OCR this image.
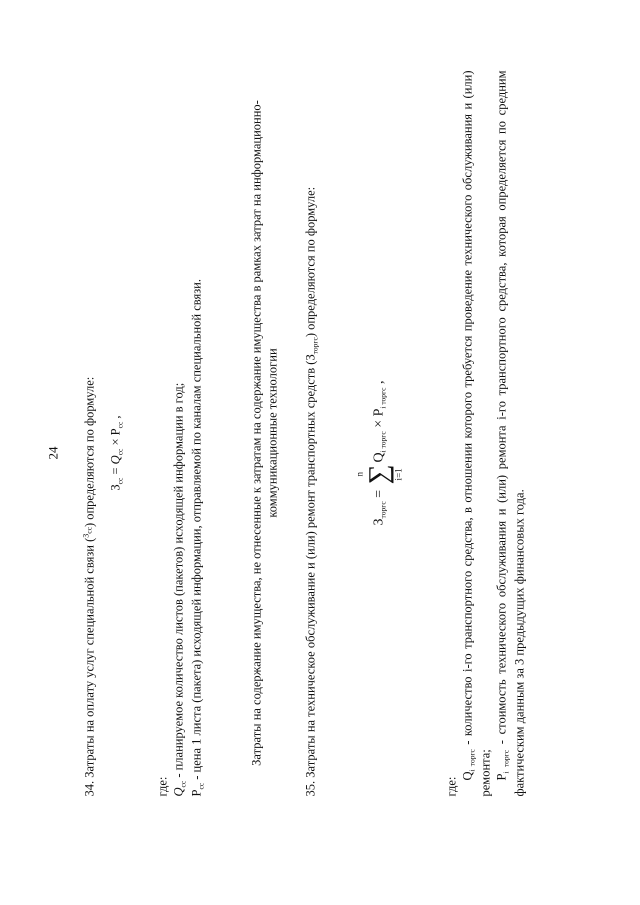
24
34. Затраты на оплату услуг специальной связи ($^{З_{сс}}$) определяются по формуле: $З_{сс} = Q_{сс} \times P_{сс}$ ,
где: $Q_{сс}$ - планируемое количество листов (пакетов) исходящей информации в год;
$P_{сс}$ - цена 1 листа (пакета) исходящей информации, отправляемой по каналам специальной связи.	Затраты на содержание имущества, не отнесенные к затратам на содержание имущества в рамках затрат на информационно-коммуникационные технологии 35. Затраты на техническое обслуживание и (или) ремонт транспортных средств $(З_{торгс})$ определяются по формуле:
$З_{торгс}$ =
n ∑ i=1
$Q_{i торгс} \times P_{i торгс}$ ,
где:
$Q_{i торгс}$ - количество i-го транспортного средства, в отношении которого требуется проведение технического обслуживания и (или) ремонта; $P_{i торгс}$ - стоимость технического обслуживания и (или) ремонта i-го транспортного средства, которая определяется по средним фактическим данным за 3 предыдущих финансовых года.
